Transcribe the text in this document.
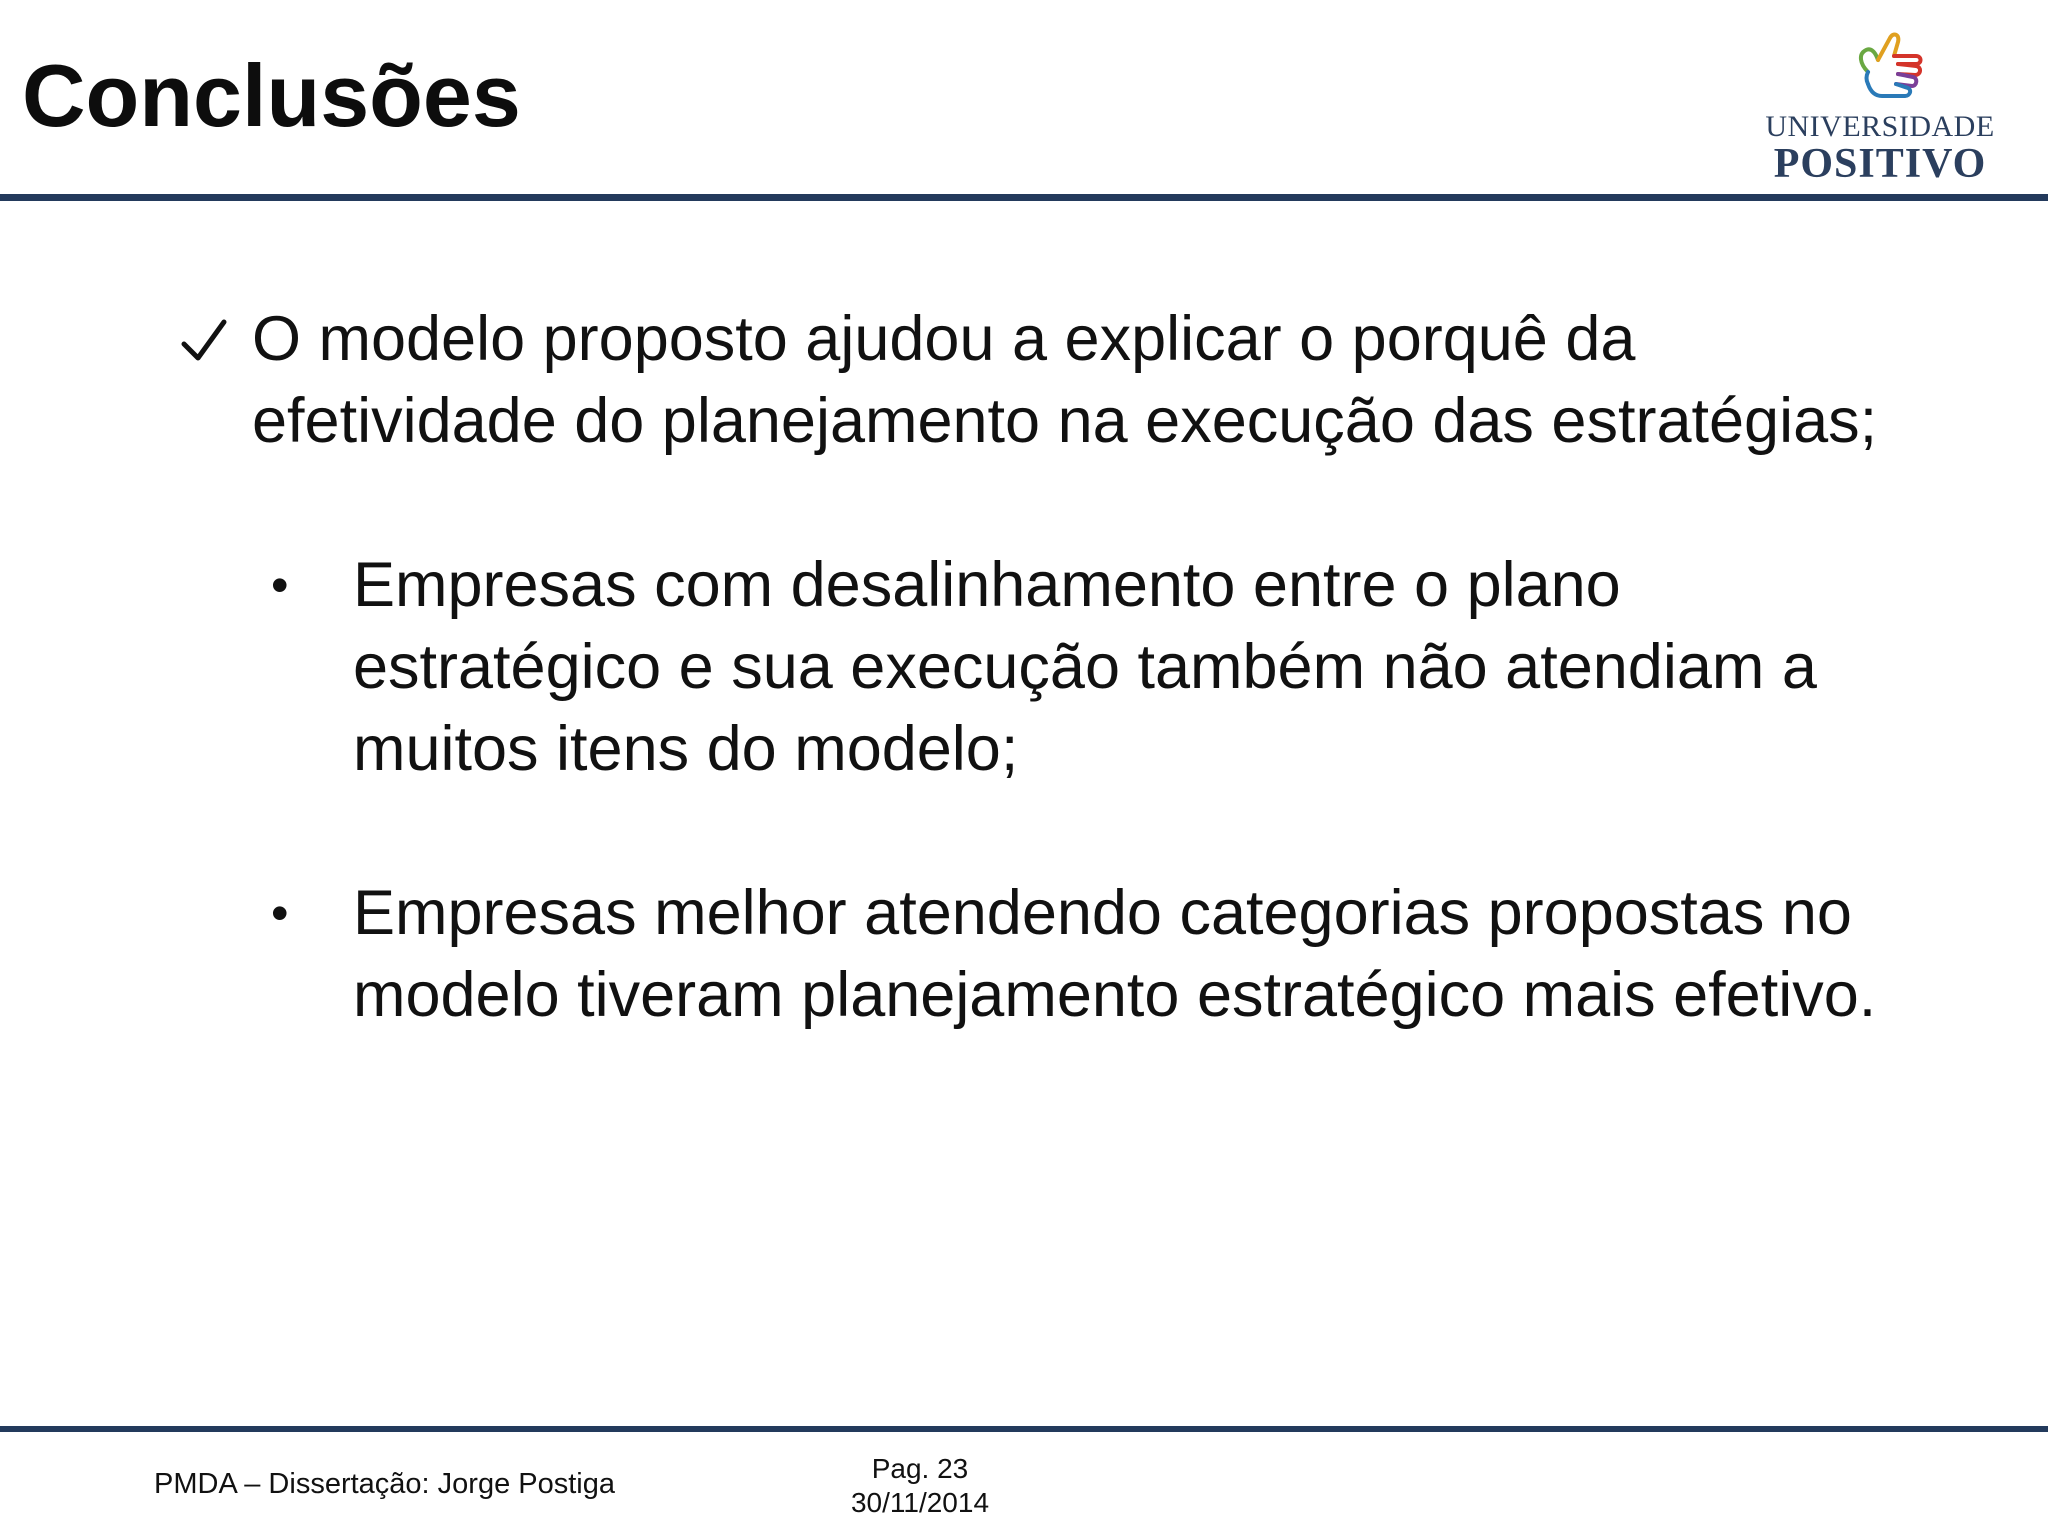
Conclusões	UNIVERSIDADE
POSITIVO
O modelo proposto ajudou a explicar o porquê da efetividade do planejamento na execução das estratégias;
• Empresas com desalinhamento entre o plano estratégico e sua execução também não atendiam a muitos itens do modelo;
• Empresas melhor atendendo categorias propostas no modelo tiveram planejamento estratégico mais efetivo.
PMDA – Dissertação: Jorge Postiga	Pag. 23
30/11/2014
